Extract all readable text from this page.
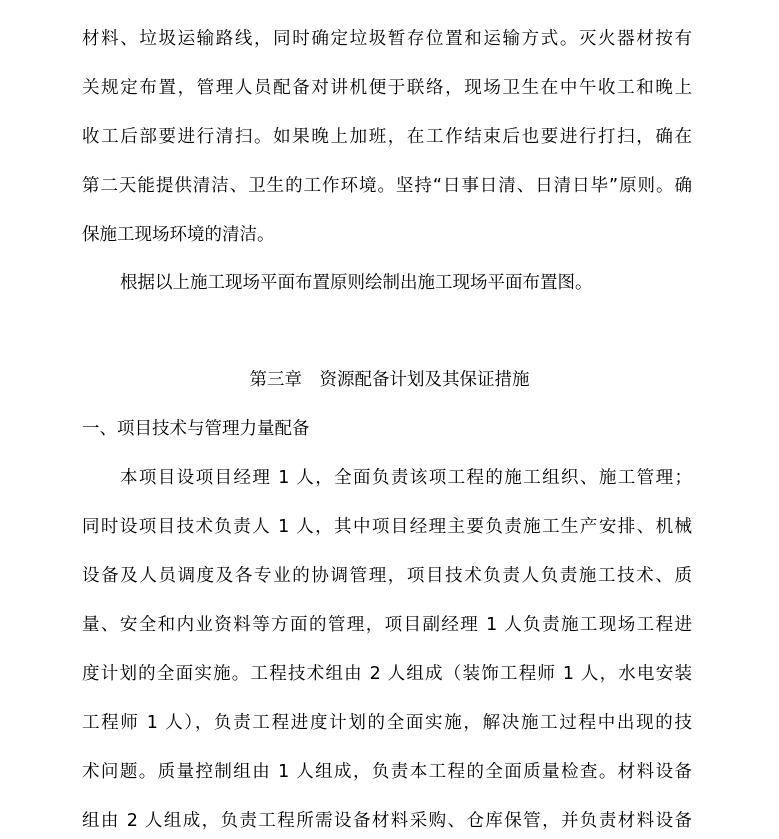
材料、垃圾运输路线，同时确定垃圾暂存位置和运输方式。灭火器材按有
关规定布置，管理人员配备对讲机便于联络，现场卫生在中午收工和晚上
收工后部要进行清扫。如果晚上加班，在工作结束后也要进行打扫，确在
第二天能提供清洁、卫生的工作环境。坚持“日事日清、日清日毕”原则。确
保施工现场环境的清洁。
根据以上施工现场平面布置原则绘制出施工现场平面布置图。
第三章　资源配备计划及其保证措施
一、项目技术与管理力量配备
本项目设项目经理 1 人，全面负责该项工程的施工组织、施工管理；
同时设项目技术负责人 1 人，其中项目经理主要负责施工生产安排、机械
设备及人员调度及各专业的协调管理，项目技术负责人负责施工技术、质
量、安全和内业资料等方面的管理，项目副经理 1 人负责施工现场工程进
度计划的全面实施。工程技术组由 2 人组成（装饰工程师 1 人，水电安装
工程师 1 人），负责工程进度计划的全面实施，解决施工过程中出现的技
术问题。质量控制组由 1 人组成，负责本工程的全面质量检查。材料设备
组由 2 人组成，负责工程所需设备材料采购、仓库保管，并负责材料设备
